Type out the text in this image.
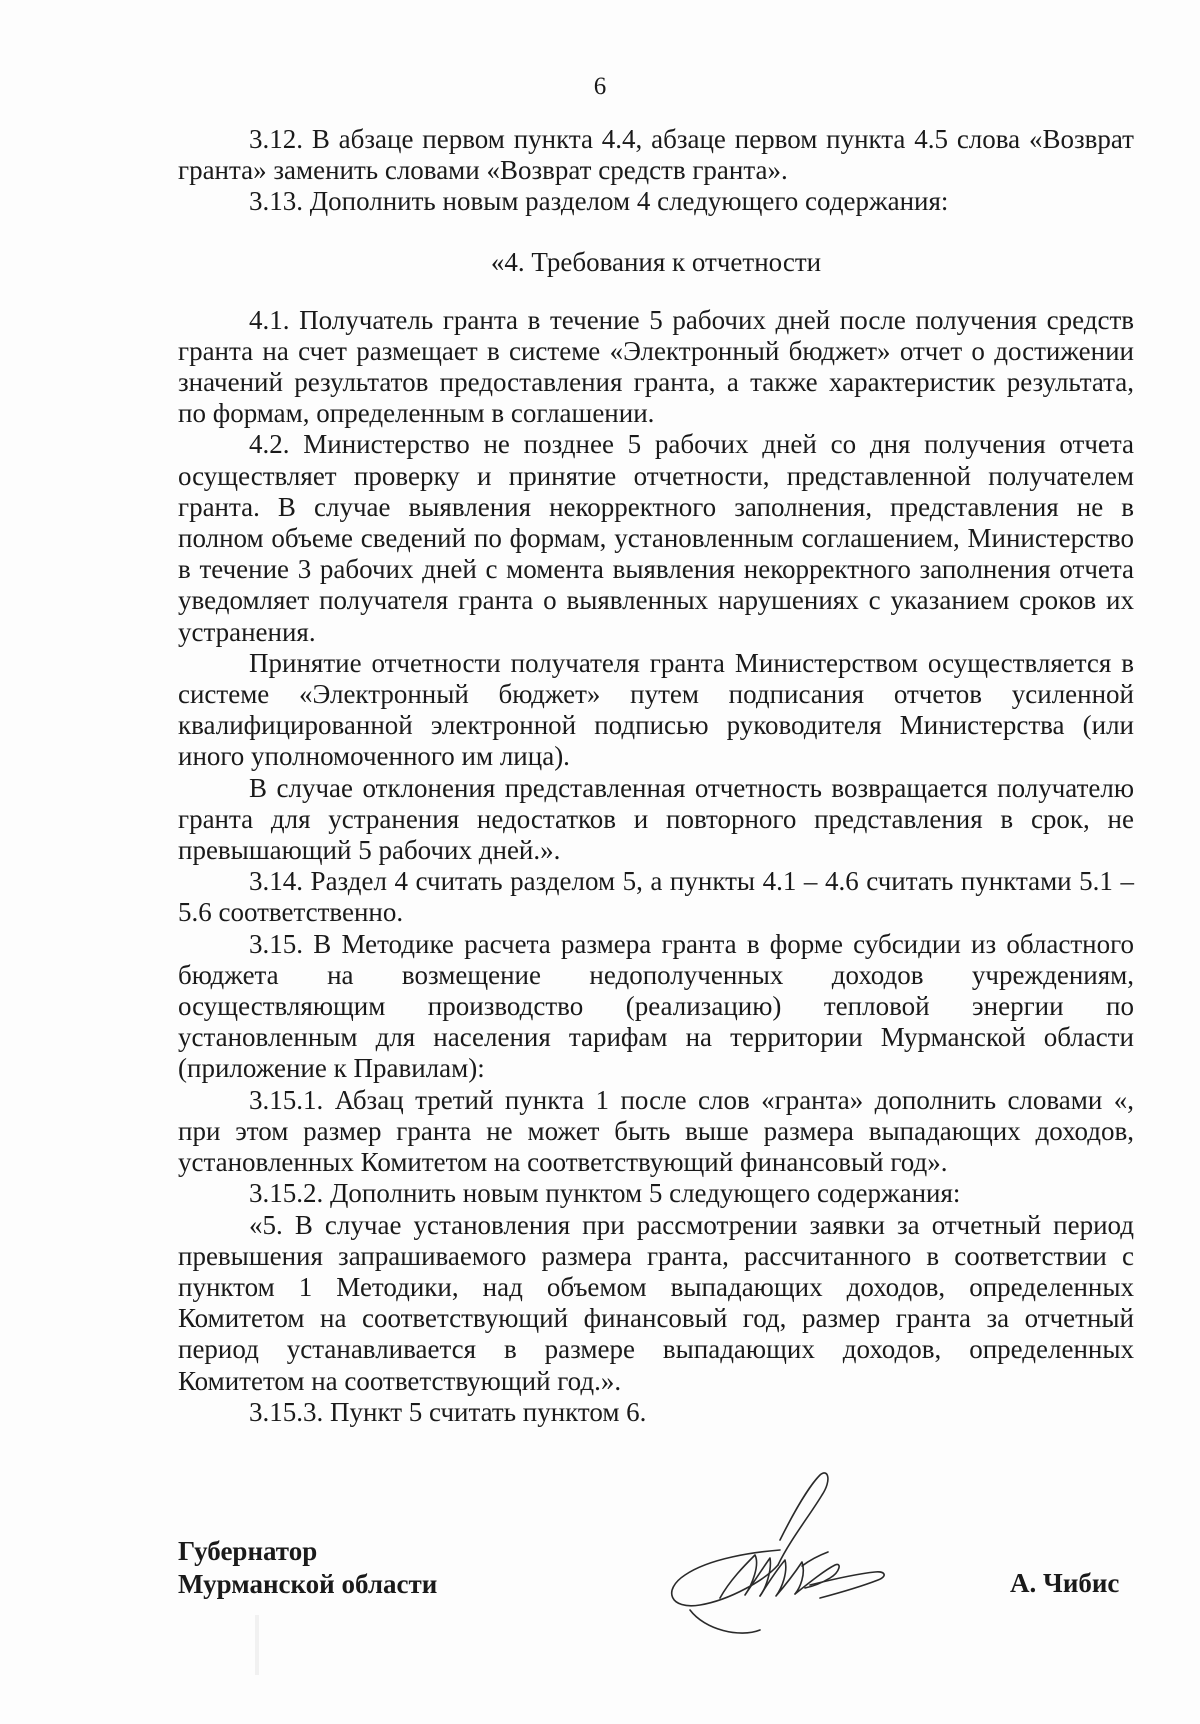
6

3.12. В абзаце первом пункта 4.4, абзаце первом пункта 4.5 слова «Возврат гранта» заменить словами «Возврат средств гранта».

3.13. Дополнить новым разделом 4 следующего содержания:

«4. Требования к отчетности

4.1. Получатель гранта в течение 5 рабочих дней после получения средств гранта на счет размещает в системе «Электронный бюджет» отчет о достижении значений результатов предоставления гранта, а также характеристик результата, по формам, определенным в соглашении.

4.2. Министерство не позднее 5 рабочих дней со дня получения отчета осуществляет проверку и принятие отчетности, представленной получателем гранта. В случае выявления некорректного заполнения, представления не в полном объеме сведений по формам, установленным соглашением, Министерство в течение 3 рабочих дней с момента выявления некорректного заполнения отчета уведомляет получателя гранта о выявленных нарушениях с указанием сроков их устранения.

Принятие отчетности получателя гранта Министерством осуществляется в системе «Электронный бюджет» путем подписания отчетов усиленной квалифицированной электронной подписью руководителя Министерства (или иного уполномоченного им лица).

В случае отклонения представленная отчетность возвращается получателю гранта для устранения недостатков и повторного представления в срок, не превышающий 5 рабочих дней.».

3.14. Раздел 4 считать разделом 5, а пункты 4.1 – 4.6 считать пунктами 5.1 – 5.6 соответственно.

3.15. В Методике расчета размера гранта в форме субсидии из областного бюджета на возмещение недополученных доходов учреждениям, осуществляющим производство (реализацию) тепловой энергии по установленным для населения тарифам на территории Мурманской области (приложение к Правилам):

3.15.1. Абзац третий пункта 1 после слов «гранта» дополнить словами «, при этом размер гранта не может быть выше размера выпадающих доходов, установленных Комитетом на соответствующий финансовый год».

3.15.2. Дополнить новым пунктом 5 следующего содержания:

«5. В случае установления при рассмотрении заявки за отчетный период превышения запрашиваемого размера гранта, рассчитанного в соответствии с пунктом 1 Методики, над объемом выпадающих доходов, определенных Комитетом на соответствующий финансовый год, размер гранта за отчетный период устанавливается в размере выпадающих доходов, определенных Комитетом на соответствующий год.».

3.15.3. Пункт 5 считать пунктом 6.

Губернатор
Мурманской области	А. Чибис
